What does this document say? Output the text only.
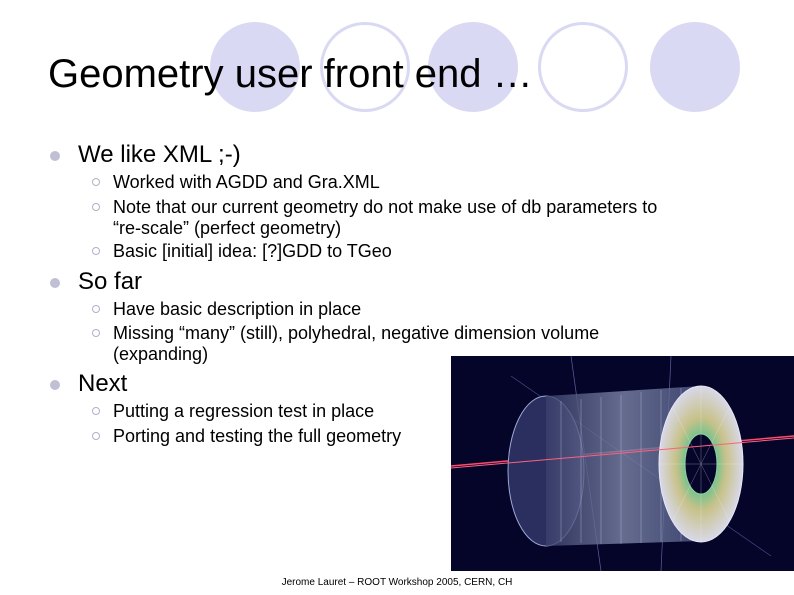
Geometry user front end …
We like XML ;-)
Worked with AGDD and Gra.XML
Note that our current geometry do not make use of db parameters to
“re-scale” (perfect geometry)
Basic [initial] idea: [?]GDD to TGeo
So far
Have basic description in place
Missing “many” (still), polyhedral, negative dimension volume
(expanding)
Next
Putting a regression test in place
Porting and testing the full geometry
Jerome Lauret – ROOT Workshop 2005, CERN, CH
